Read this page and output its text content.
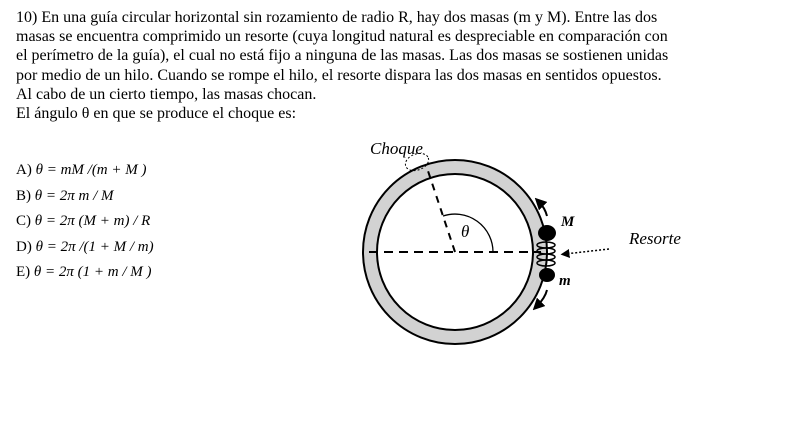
10) En una guía circular horizontal sin rozamiento de radio R, hay dos masas (m y M). Entre las dos
masas se encuentra comprimido un resorte (cuya longitud natural es despreciable en comparación con
el perímetro de la guía), el cual no está fijo a ninguna de las masas. Las dos masas se sostienen unidas
por medio de un hilo. Cuando se rompe el hilo, el resorte dispara las dos masas en sentidos opuestos.
Al cabo de un cierto tiempo, las masas chocan.
El ángulo θ en que se produce el choque es:
A) θ = mM /(m + M )
B) θ = 2π m / M
C) θ = 2π (M + m) / R
D) θ = 2π /(1 + M / m)
E) θ = 2π (1 + m / M )
Choque
θ	M
m
Resorte
